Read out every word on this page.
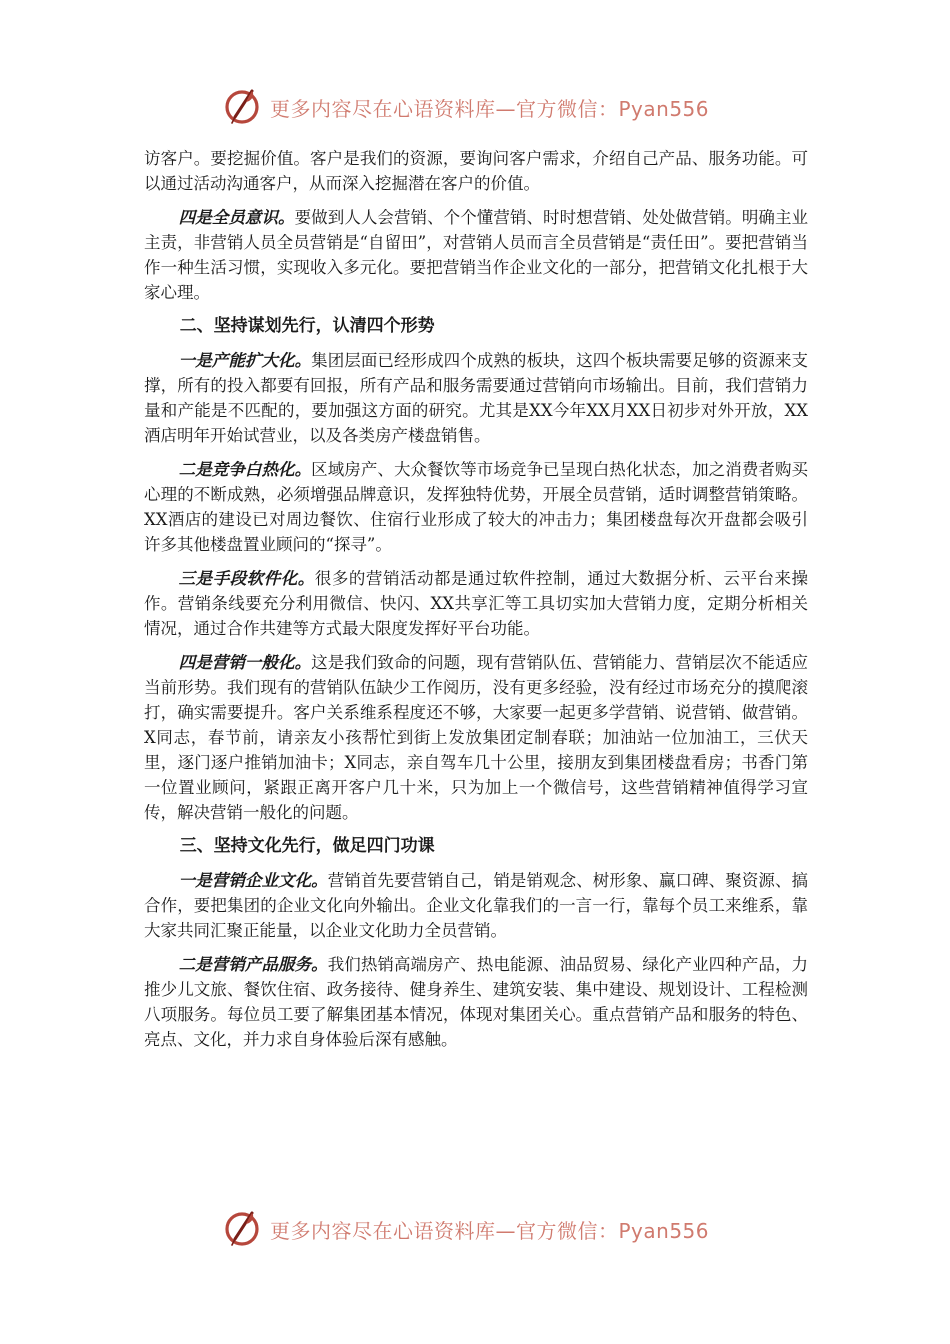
更多内容尽在心语资料库—官方微信：Pyan556

访客户。要挖掘价值。客户是我们的资源，要询问客户需求，介绍自己产品、服务功能。可以通过活动沟通客户，从而深入挖掘潜在客户的价值。

四是全员意识。要做到人人会营销、个个懂营销、时时想营销、处处做营销。明确主业主责，非营销人员全员营销是“自留田”，对营销人员而言全员营销是“责任田”。要把营销当作一种生活习惯，实现收入多元化。要把营销当作企业文化的一部分，把营销文化扎根于大家心理。

二、坚持谋划先行，认清四个形势

一是产能扩大化。集团层面已经形成四个成熟的板块，这四个板块需要足够的资源来支撑，所有的投入都要有回报，所有产品和服务需要通过营销向市场输出。目前，我们营销力量和产能是不匹配的，要加强这方面的研究。尤其是XX今年XX月XX日初步对外开放，XX酒店明年开始试营业，以及各类房产楼盘销售。

二是竞争白热化。区域房产、大众餐饮等市场竞争已呈现白热化状态，加之消费者购买心理的不断成熟，必须增强品牌意识，发挥独特优势，开展全员营销，适时调整营销策略。XX酒店的建设已对周边餐饮、住宿行业形成了较大的冲击力；集团楼盘每次开盘都会吸引许多其他楼盘置业顾问的“探寻”。

三是手段软件化。很多的营销活动都是通过软件控制，通过大数据分析、云平台来操作。营销条线要充分利用微信、快闪、XX共享汇等工具切实加大营销力度，定期分析相关情况，通过合作共建等方式最大限度发挥好平台功能。

四是营销一般化。这是我们致命的问题，现有营销队伍、营销能力、营销层次不能适应当前形势。我们现有的营销队伍缺少工作阅历，没有更多经验，没有经过市场充分的摸爬滚打，确实需要提升。客户关系维系程度还不够，大家要一起更多学营销、说营销、做营销。X同志，春节前，请亲友小孩帮忙到街上发放集团定制春联；加油站一位加油工，三伏天里，逐门逐户推销加油卡；X同志，亲自驾车几十公里，接朋友到集团楼盘看房；书香门第一位置业顾问，紧跟正离开客户几十米，只为加上一个微信号，这些营销精神值得学习宣传，解决营销一般化的问题。

三、坚持文化先行，做足四门功课

一是营销企业文化。营销首先要营销自己，销是销观念、树形象、赢口碑、聚资源、搞合作，要把集团的企业文化向外输出。企业文化靠我们的一言一行，靠每个员工来维系，靠大家共同汇聚正能量，以企业文化助力全员营销。

二是营销产品服务。我们热销高端房产、热电能源、油品贸易、绿化产业四种产品，力推少儿文旅、餐饮住宿、政务接待、健身养生、建筑安装、集中建设、规划设计、工程检测八项服务。每位员工要了解集团基本情况，体现对集团关心。重点营销产品和服务的特色、亮点、文化，并力求自身体验后深有感触。

更多内容尽在心语资料库—官方微信：Pyan556
